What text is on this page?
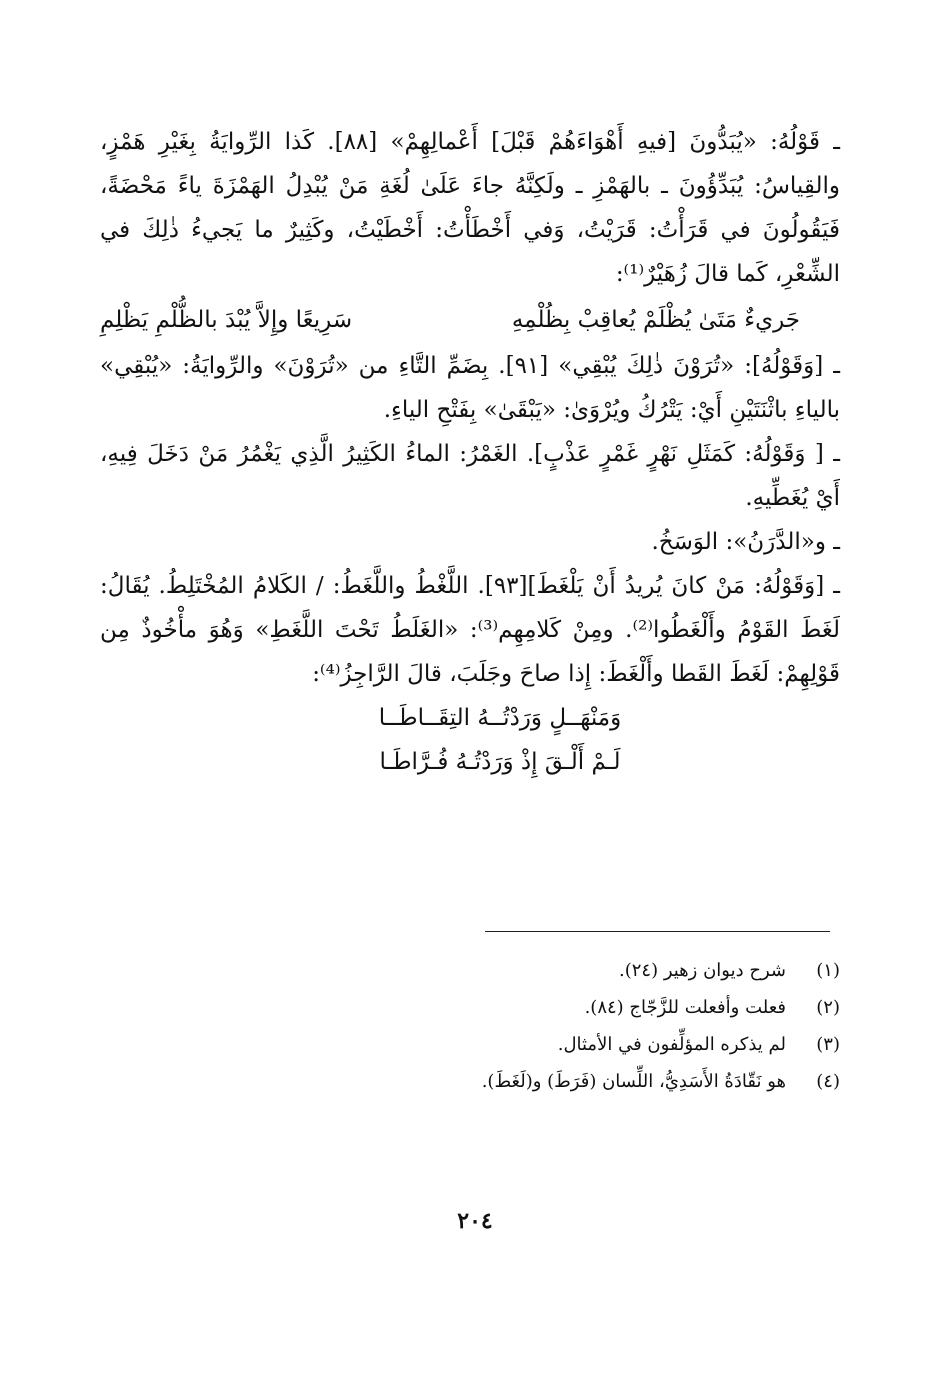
ـ قَوْلُهُ: «يُبَدُّونَ [فيهِ أَهْوَاءَهُمْ قَبْلَ] أَعْمالِهِمْ» [٨٨]. كَذا الرِّوايَةُ بِغَيْرِ هَمْزٍ، والقِياسُ: يُبَدِّؤُونَ ـ بالهَمْزِ ـ ولَكِنَّهُ جاءَ عَلَىٰ لُغَةِ مَنْ يُبْدِلُ الهَمْزَةَ ياءً مَحْضَةً، فَيَقُولُونَ في قَرَأْتُ: قَرَيْتُ، وَفي أَخْطَأْتُ: أَخْطَيْتُ، وكَثِيرٌ ما يَجيءُ ذٰلِكَ في الشِّعْرِ، كَما قالَ زُهَيْرٌ⁽¹⁾:

جَريءٌ مَتَىٰ يُظْلَمْ يُعاقِبْ بِظُلْمِهِ
سَرِيعًا وإِلاَّ يُبْدَ بالظُّلْمِ يَظْلِمِ

ـ [وَقَوْلُهُ]: «تُرَوْنَ ذٰلِكَ يُبْقِي» [٩١]. بِضَمِّ التَّاءِ من «تُرَوْنَ» والرِّوايَةُ: «يُبْقِي» بالياءِ باثْنَتَيْنِ أَيْ: يَتْرُكُ ويُرْوَىٰ: «يَبْقَىٰ» بِفَتْحِ الياءِ.

ـ [ وَقَوْلُهُ: كَمَثَلِ نَهْرٍ غَمْرٍ عَذْبٍ]. الغَمْرُ: الماءُ الكَثِيرُ الَّذِي يَغْمُرُ مَنْ دَخَلَ فِيهِ، أَيْ يُغَطِّيهِ.

ـ و«الدَّرَنُ»: الوَسَخُ.

ـ [وَقَوْلُهُ: مَنْ كانَ يُريدُ أَنْ يَلْغَطَ][٩٣]. اللَّغْطُ واللَّغَطُ: / الكَلامُ المُخْتَلِطُ. يُقَالُ: لَغَطَ القَوْمُ وأَلْغَطُوا⁽²⁾. ومِنْ كَلامِهِم⁽³⁾: «الغَلَطُ تَحْتَ اللَّغَطِ» وَهُوَ مأْخُوذٌ مِن قَوْلِهِمْ: لَغَطَ القَطا وأَلْغَطَ: إِذا صاحَ وجَلَبَ، قالَ الرَّاجِزُ⁽⁴⁾:

وَمَنْهَــلٍ وَرَدْتُــهُ التِقَــاطَــا

لَـمْ أَلْـقَ إِذْ وَرَدْتُـهُ فُـرَّاطَـا

(١)
شرح ديوان زهير (٢٤).
(٢)
فعلت وأفعلت للزَّجّاج (٨٤).
(٣)
لم يذكره المؤلِّفون في الأمثال.
(٤)
هو نَقّادَةُ الأَسَدِيُّ، اللِّسان (فَرَطَ) و(لَغَطَ).
٢٠٤
